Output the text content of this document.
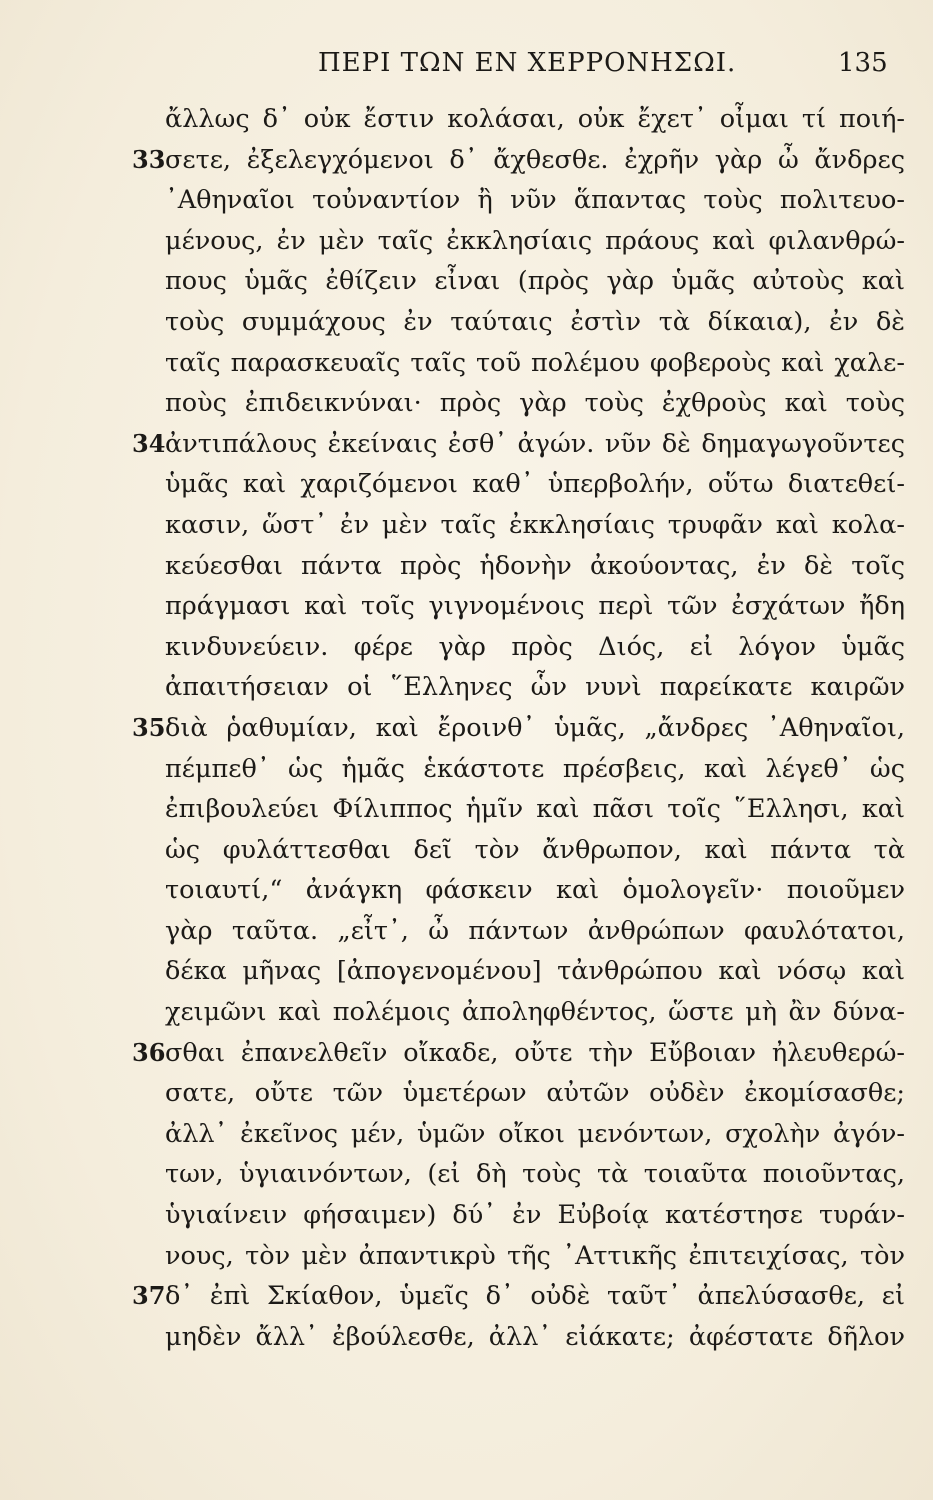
ΠΕΡΙ ΤΩΝ ΕΝ ΧΕΡΡΟΝΗΣΩΙ.	135
ἄλλως δ᾽ οὐκ ἔστιν κολάσαι, οὐκ ἔχετ᾽ οἶμαι τί ποιή-
33 σετε, ἐξελεγχόμενοι δ᾽ ἄχθεσθε. ἐχρῆν γὰρ ὦ ἄνδρες
᾽Αθηναῖοι τοὐναντίον ἢ νῦν ἅπαντας τοὺς πολιτευο-
μένους, ἐν μὲν ταῖς ἐκκλησίαις πράους καὶ φιλανθρώ-
πους ὑμᾶς ἐθίζειν εἶναι (πρὸς γὰρ ὑμᾶς αὐτοὺς καὶ
τοὺς συμμάχους ἐν ταύταις ἐστὶν τὰ δίκαια), ἐν δὲ
ταῖς παρασκευαῖς ταῖς τοῦ πολέμου φοβεροὺς καὶ χαλε-
ποὺς ἐπιδεικνύναι· πρὸς γὰρ τοὺς ἐχθροὺς καὶ τοὺς
34 ἀντιπάλους ἐκείναις ἐσθ᾽ ἀγών. νῦν δὲ δημαγωγοῦντες
ὑμᾶς καὶ χαριζόμενοι καθ᾽ ὑπερβολήν, οὕτω διατεθεί-
κασιν, ὥστ᾽ ἐν μὲν ταῖς ἐκκλησίαις τρυφᾶν καὶ κολα-
κεύεσθαι πάντα πρὸς ἡδονὴν ἀκούοντας, ἐν δὲ τοῖς
πράγμασι καὶ τοῖς γιγνομένοις περὶ τῶν ἐσχάτων ἤδη
κινδυνεύειν. φέρε γὰρ πρὸς Διός, εἰ λόγον ὑμᾶς
ἀπαιτήσειαν οἱ ῞Ελληνες ὧν νυνὶ παρείκατε καιρῶν
35 διὰ ῥαθυμίαν, καὶ ἔροινθ᾽ ὑμᾶς, „ἄνδρες ᾽Αθηναῖοι,
πέμπεθ᾽ ὡς ἡμᾶς ἑκάστοτε πρέσβεις, καὶ λέγεθ᾽ ὡς
ἐπιβουλεύει Φίλιππος ἡμῖν καὶ πᾶσι τοῖς ῞Ελλησι, καὶ
ὡς φυλάττεσθαι δεῖ τὸν ἄνθρωπον, καὶ πάντα τὰ
τοιαυτί,“ ἀνάγκη φάσκειν καὶ ὁμολογεῖν· ποιοῦμεν
γὰρ ταῦτα. „εἶτ᾽, ὦ πάντων ἀνθρώπων φαυλότατοι,
δέκα μῆνας [ἀπογενομένου] τἀνθρώπου καὶ νόσῳ καὶ
χειμῶνι καὶ πολέμοις ἀποληφθέντος, ὥστε μὴ ἂν δύνα-
36 σθαι ἐπανελθεῖν οἴκαδε, οὔτε τὴν Εὔβοιαν ἠλευθερώ-
σατε, οὔτε τῶν ὑμετέρων αὐτῶν οὐδὲν ἐκομίσασθε;
ἀλλ᾽ ἐκεῖνος μέν, ὑμῶν οἴκοι μενόντων, σχολὴν ἀγόν-
των, ὑγιαινόντων, (εἰ δὴ τοὺς τὰ τοιαῦτα ποιοῦντας,
ὑγιαίνειν φήσαιμεν) δύ᾽ ἐν Εὐβοίᾳ κατέστησε τυράν-
νους, τὸν μὲν ἀπαντικρὺ τῆς ᾽Αττικῆς ἐπιτειχίσας, τὸν
37 δ᾽ ἐπὶ Σκίαθον, ὑμεῖς δ᾽ οὐδὲ ταῦτ᾽ ἀπελύσασθε, εἰ
μηδὲν ἄλλ᾽ ἐβούλεσθε, ἀλλ᾽ εἰάκατε; ἀφέστατε δῆλον
